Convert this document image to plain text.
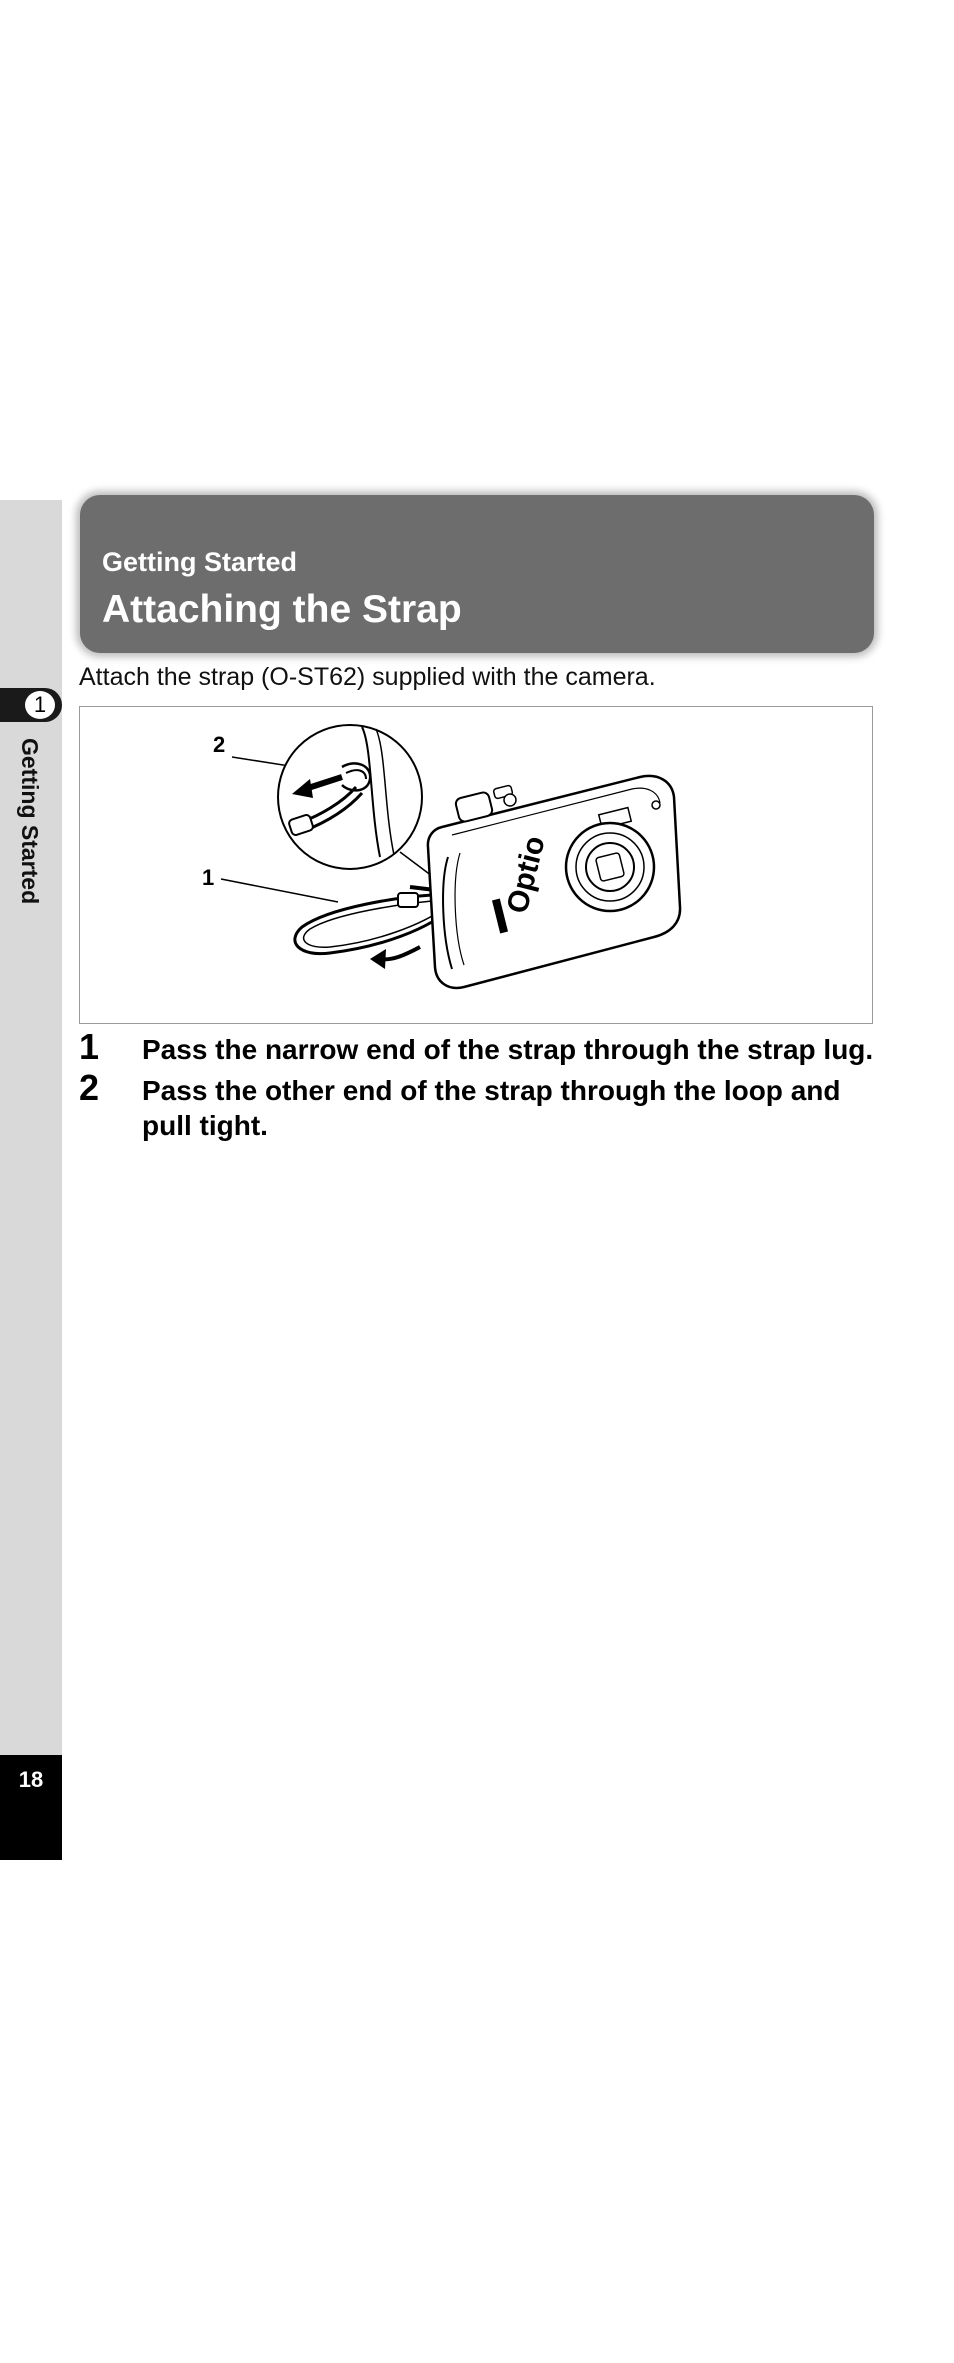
1
Getting Started
18
Getting Started
Attaching the Strap
Attach the strap (O-ST62) supplied with the camera.
2
1	Optio
1 Pass the narrow end of the strap through the strap lug.
2 Pass the other end of the strap through the loop and pull tight.
